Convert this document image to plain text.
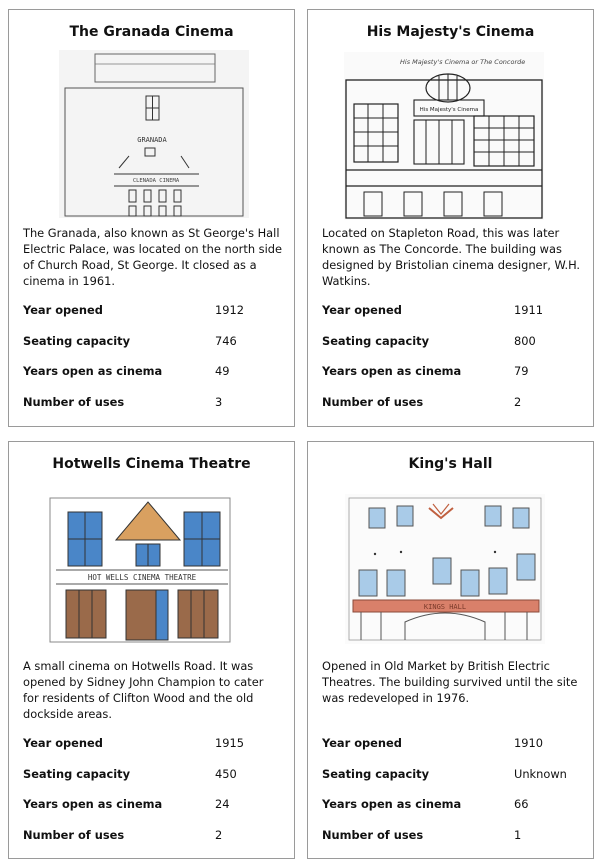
The Granada Cinema
GRANADA
CLENADA CINEMA
The Granada, also known as St George's Hall Electric Palace, was located on the north side of Church Road, St George. It closed as a cinema in 1961.
Year opened	1912
Seating capacity	746
Years open as cinema	49
Number of uses	3
His Majesty's Cinema
His Majesty's Cinema or The Concorde
His Majesty's Cinema
Located on Stapleton Road, this was later known as The Concorde. The building was designed by Bristolian cinema designer, W.H. Watkins.
Year opened	1911
Seating capacity	800
Years open as cinema	79
Number of uses	2
Hotwells Cinema Theatre
HOT WELLS CINEMA THEATRE
A small cinema on Hotwells Road. It was opened by Sidney John Champion to cater for residents of Clifton Wood and the old dockside areas.
Year opened	1915
Seating capacity	450
Years open as cinema	24
Number of uses	2
King's Hall
KINGS HALL
Opened in Old Market by British Electric Theatres. The building survived until the site was redeveloped in 1976.
Year opened	1910
Seating capacity	Unknown
Years open as cinema	66
Number of uses	1
